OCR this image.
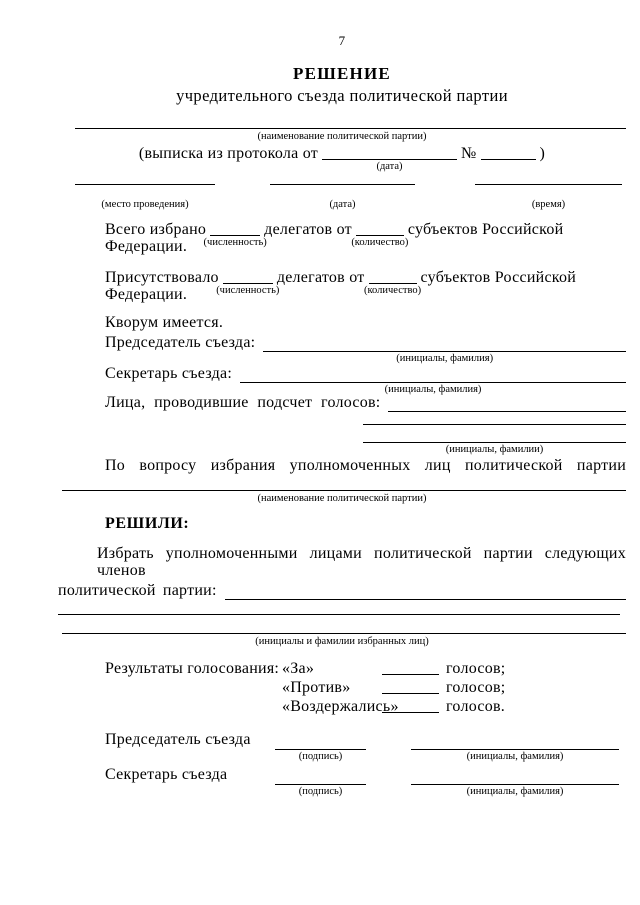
7
РЕШЕНИЕ
учредительного съезда политической партии
(наименование политической партии)
(выписка из протокола от
(дата)
№	)
(место проведения)	(дата)	(время)
Всего избрано
(численность)
делегатов от
(количество)
субъектов Российской Федерации.
Присутствовало
(численность)
делегатов от
(количество)
субъектов Российской Федерации.
Кворум имеется.
Председатель съезда:
(инициалы, фамилия)
Секретарь съезда:
(инициалы, фамилия)
Лица, проводившие подсчет голосов:
(инициалы, фамилии)
По вопросу избрания уполномоченных лиц политической партии
(наименование политической партии)
РЕШИЛИ:
Избрать уполномоченными лицами политической партии следующих членов
политической партии:
(инициалы и фамилии избранных лиц)
Результаты голосования: «За»	голосов;
«Против»	голосов;
«Воздержались»	голосов.
Председатель съезда
(подпись)	(инициалы, фамилия)
Секретарь съезда
(подпись)	(инициалы, фамилия)
